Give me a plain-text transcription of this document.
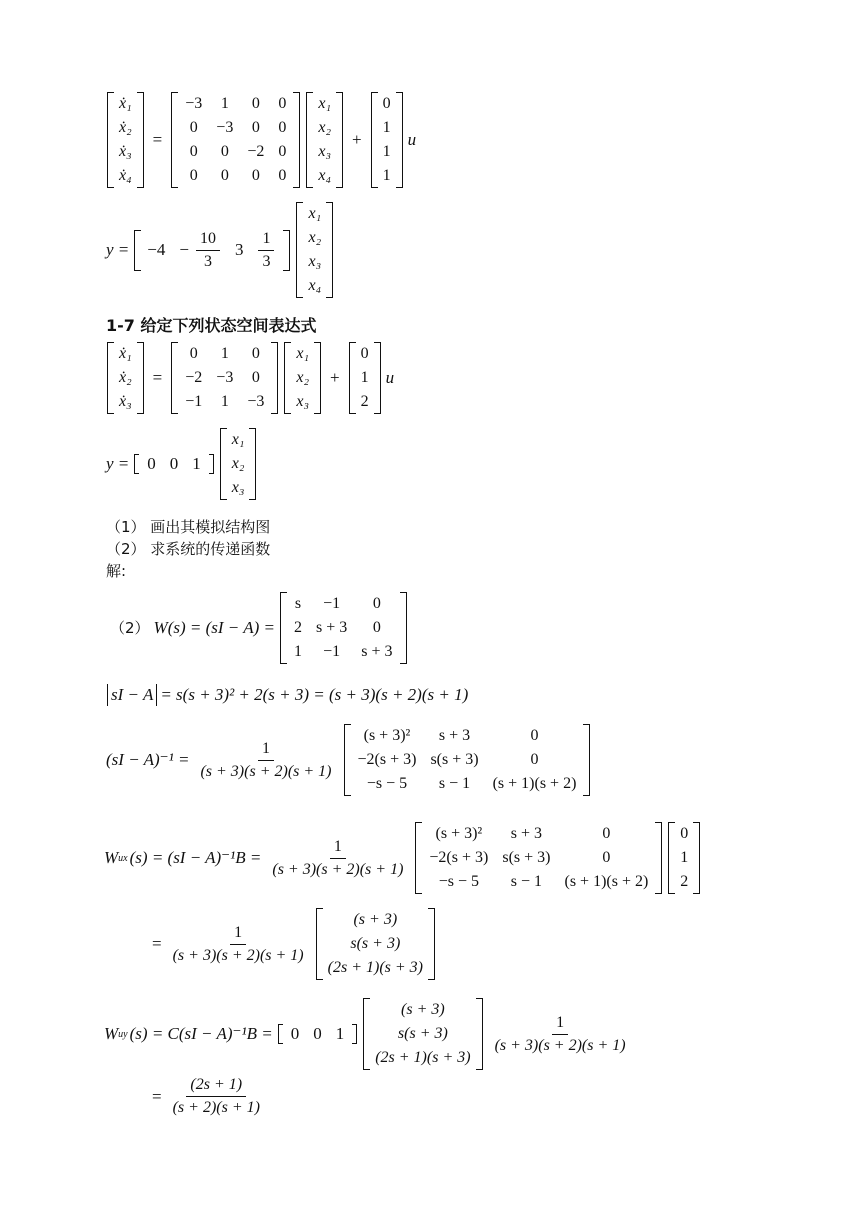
ẋ₁
ẋ₂
ẋ₃
ẋ₄
=
−3	1	0	0
0	−3	0	0
0	0	−2	0
0	0	0	0
x₁
x₂
x₃
x₄
+
0
1
1
1
u
$y = -4 - \frac{10}{3} 3 \frac{1}{3}$
x₁
x₂
x₃
x₄
1-7 给定下列状态空间表达式
ẋ₁
ẋ₂
ẋ₃
=
0	1	0
−2	−3	0
−1	1	−3
x₁
x₂
x₃
+
0
1
2
u
y = 0 0 1
x₁
x₂
x₃
（1） 画出其模拟结构图
（2） 求系统的传递函数
解:
（2） W(s) = (sI − A) =
s	−1	0
2	s + 3	0
1	−1	s + 3
sI − A = s(s + 3)² + 2(s + 3) = (s + 3)(s + 2)(s + 1)
$(sI - A)^{-1} = \frac{1}{(s + 3)(s + 2)(s + 1)}$
(s + 3)²	s + 3	0
−2(s + 3)	s(s + 3)	0
−s − 5	s − 1	(s + 1)(s + 2)
W ux $(s) = (sI - A)^{-1}B = \frac{1}{(s + 3)(s + 2)(s + 1)}$
(s + 3)²	s + 3	0
−2(s + 3)	s(s + 3)	0
−s − 5	s − 1	(s + 1)(s + 2)
0
1
2
= $\frac{1}{(s + 3)(s + 2)(s + 1)}$
(s + 3)
s(s + 3)
(2s + 1)(s + 3)
W uy (s) = C(sI − A)⁻¹B = 0 0 1
(s + 3)
s(s + 3)
(2s + 1)(s + 3)
$\frac{1}{(s + 3)(s + 2)(s + 1)}$
= $\frac{(2s + 1)}{(s + 2)(s + 1)}$
